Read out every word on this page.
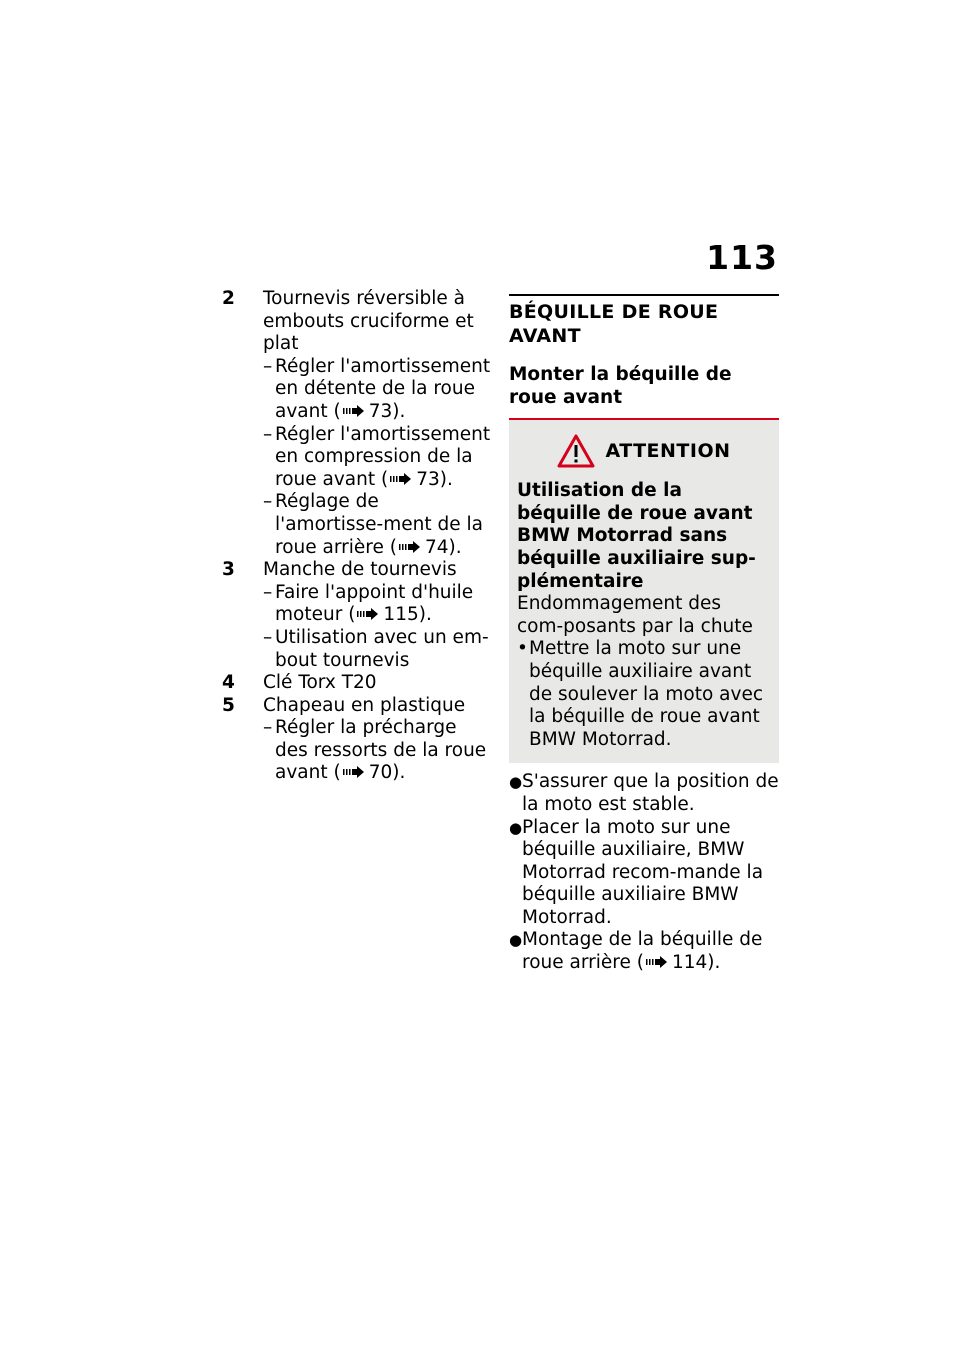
113
2	Tournevis réversible à embouts cruciforme et plat
– Régler l'amortissement en détente de la roue avant ( 73).
– Régler l'amortissement en compression de la roue avant ( 73).
– Réglage de l'amortisse-ment de la roue arrière ( 74).
3	Manche de tournevis
– Faire l'appoint d'huile moteur ( 115).
– Utilisation avec un em-bout tournevis
4	Clé Torx T20
5	Chapeau en plastique
– Régler la précharge des ressorts de la roue avant ( 70).
BÉQUILLE DE ROUE AVANT
Monter la béquille de roue avant
ATTENTION
Utilisation de la béquille de roue avant BMW Motorrad sans béquille auxiliaire sup-plémentaire
Endommagement des com-posants par la chute
• Mettre la moto sur une béquille auxiliaire avant de soulever la moto avec la béquille de roue avant BMW Motorrad.
● S'assurer que la position de la moto est stable.
● Placer la moto sur une béquille auxiliaire, BMW Motorrad recom-mande la béquille auxiliaire BMW Motorrad.
● Montage de la béquille de roue arrière ( 114).
